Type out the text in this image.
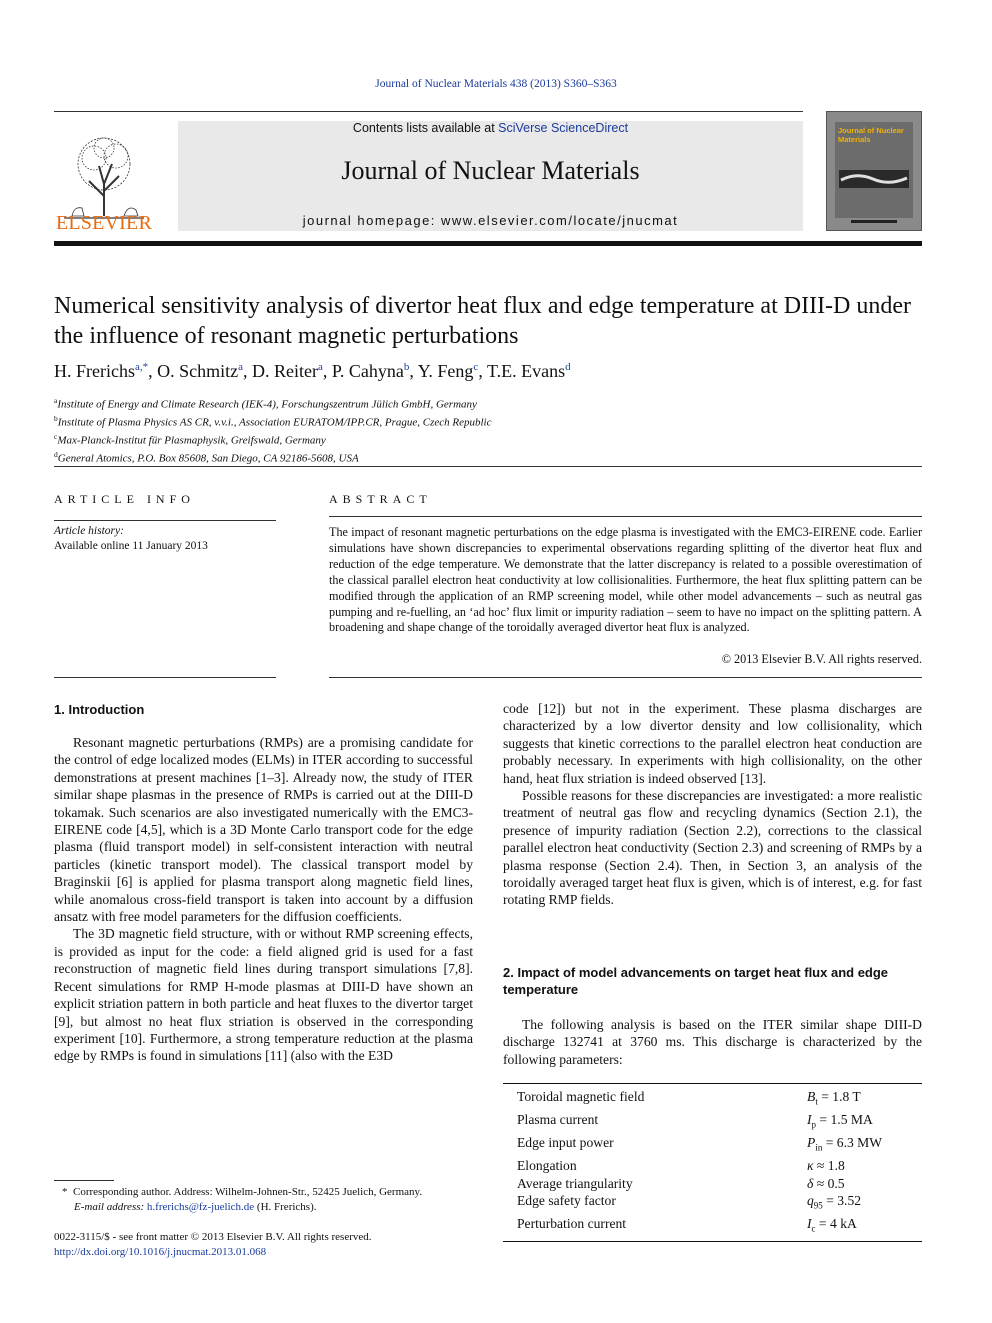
Journal of Nuclear Materials 438 (2013) S360–S363
ELSEVIER
Contents lists available at SciVerse ScienceDirect
Journal of Nuclear Materials
journal homepage: www.elsevier.com/locate/jnucmat
Journal of Nuclear Materials
Numerical sensitivity analysis of divertor heat flux and edge temperature at DIII-D under the influence of resonant magnetic perturbations
H. Frerichs$^{a,*}$, O. Schmitz$^a$, D. Reiter$^a$, P. Cahyna$^b$, Y. Feng$^c$, T.E. Evans$^d$
$^a$Institute of Energy and Climate Research (IEK-4), Forschungszentrum Jülich GmbH, Germany
$^b$Institute of Plasma Physics AS CR, v.v.i., Association EURATOM/IPP.CR, Prague, Czech Republic
$^c$Max-Planck-Institut für Plasmaphysik, Greifswald, Germany
$^d$General Atomics, P.O. Box 85608, San Diego, CA 92186-5608, USA
ARTICLE INFO
Article history:
Available online 11 January 2013
ABSTRACT
The impact of resonant magnetic perturbations on the edge plasma is investigated with the EMC3-EIRENE code. Earlier simulations have shown discrepancies to experimental observations regarding splitting of the divertor heat flux and reduction of the edge temperature. We demonstrate that the latter discrepancy is related to a possible overestimation of the classical parallel electron heat conductivity at low collisionalities. Furthermore, the heat flux splitting pattern can be modified through the application of an RMP screening model, while other model advancements – such as neutral gas pumping and re-fuelling, an ‘ad hoc’ flux limit or impurity radiation – seem to have no impact on the splitting pattern. A broadening and shape change of the toroidally averaged divertor heat flux is analyzed.
© 2013 Elsevier B.V. All rights reserved.
1. Introduction

Resonant magnetic perturbations (RMPs) are a promising candidate for the control of edge localized modes (ELMs) in ITER according to successful demonstrations at present machines [1–3]. Already now, the study of ITER similar shape plasmas in the presence of RMPs is carried out at the DIII-D tokamak. Such scenarios are also investigated numerically with the EMC3-EIRENE code [4,5], which is a 3D Monte Carlo transport code for the edge plasma (fluid transport model) in self-consistent interaction with neutral particles (kinetic transport model). The classical transport model by Braginskii [6] is applied for plasma transport along magnetic field lines, while anomalous cross-field transport is taken into account by a diffusion ansatz with free model parameters for the diffusion coefficients.

The 3D magnetic field structure, with or without RMP screening effects, is provided as input for the code: a field aligned grid is used for a fast reconstruction of magnetic field lines during transport simulations [7,8]. Recent simulations for RMP H-mode plasmas at DIII-D have shown an explicit striation pattern in both particle and heat fluxes to the divertor target [9], but almost no heat flux striation is observed in the corresponding experiment [10]. Furthermore, a strong temperature reduction at the plasma edge by RMPs is found in simulations [11] (also with the E3D

code [12]) but not in the experiment. These plasma discharges are characterized by a low divertor density and low collisionality, which suggests that kinetic corrections to the parallel electron heat conduction are probably necessary. In experiments with high collisionality, on the other hand, heat flux striation is indeed observed [13].

Possible reasons for these discrepancies are investigated: a more realistic treatment of neutral gas flow and recycling dynamics (Section 2.1), the presence of impurity radiation (Section 2.2), corrections to the classical parallel electron heat conductivity (Section 2.3) and screening of RMPs by a plasma response (Section 2.4). Then, in Section 3, an analysis of the toroidally averaged target heat flux is given, which is of interest, e.g. for fast rotating RMP fields.

2. Impact of model advancements on target heat flux and edge temperature

The following analysis is based on the ITER similar shape DIII-D discharge 132741 at 3760 ms. This discharge is characterized by the following parameters:

Toroidal magnetic field	$B_t = 1.8$ T
Plasma current	$I_p = 1.5$ MA
Edge input power	$P_{in} = 6.3$ MW
Elongation	κ ≈ 1.8
Average triangularity	δ ≈ 0.5
Edge safety factor	$q_{95} = 3.52$
Perturbation current	$I_c = 4$ kA
* Corresponding author. Address: Wilhelm-Johnen-Str., 52425 Juelich, Germany.
E-mail address: h.frerichs@fz-juelich.de (H. Frerichs).
0022-3115/$ - see front matter © 2013 Elsevier B.V. All rights reserved.
http://dx.doi.org/10.1016/j.jnucmat.2013.01.068
